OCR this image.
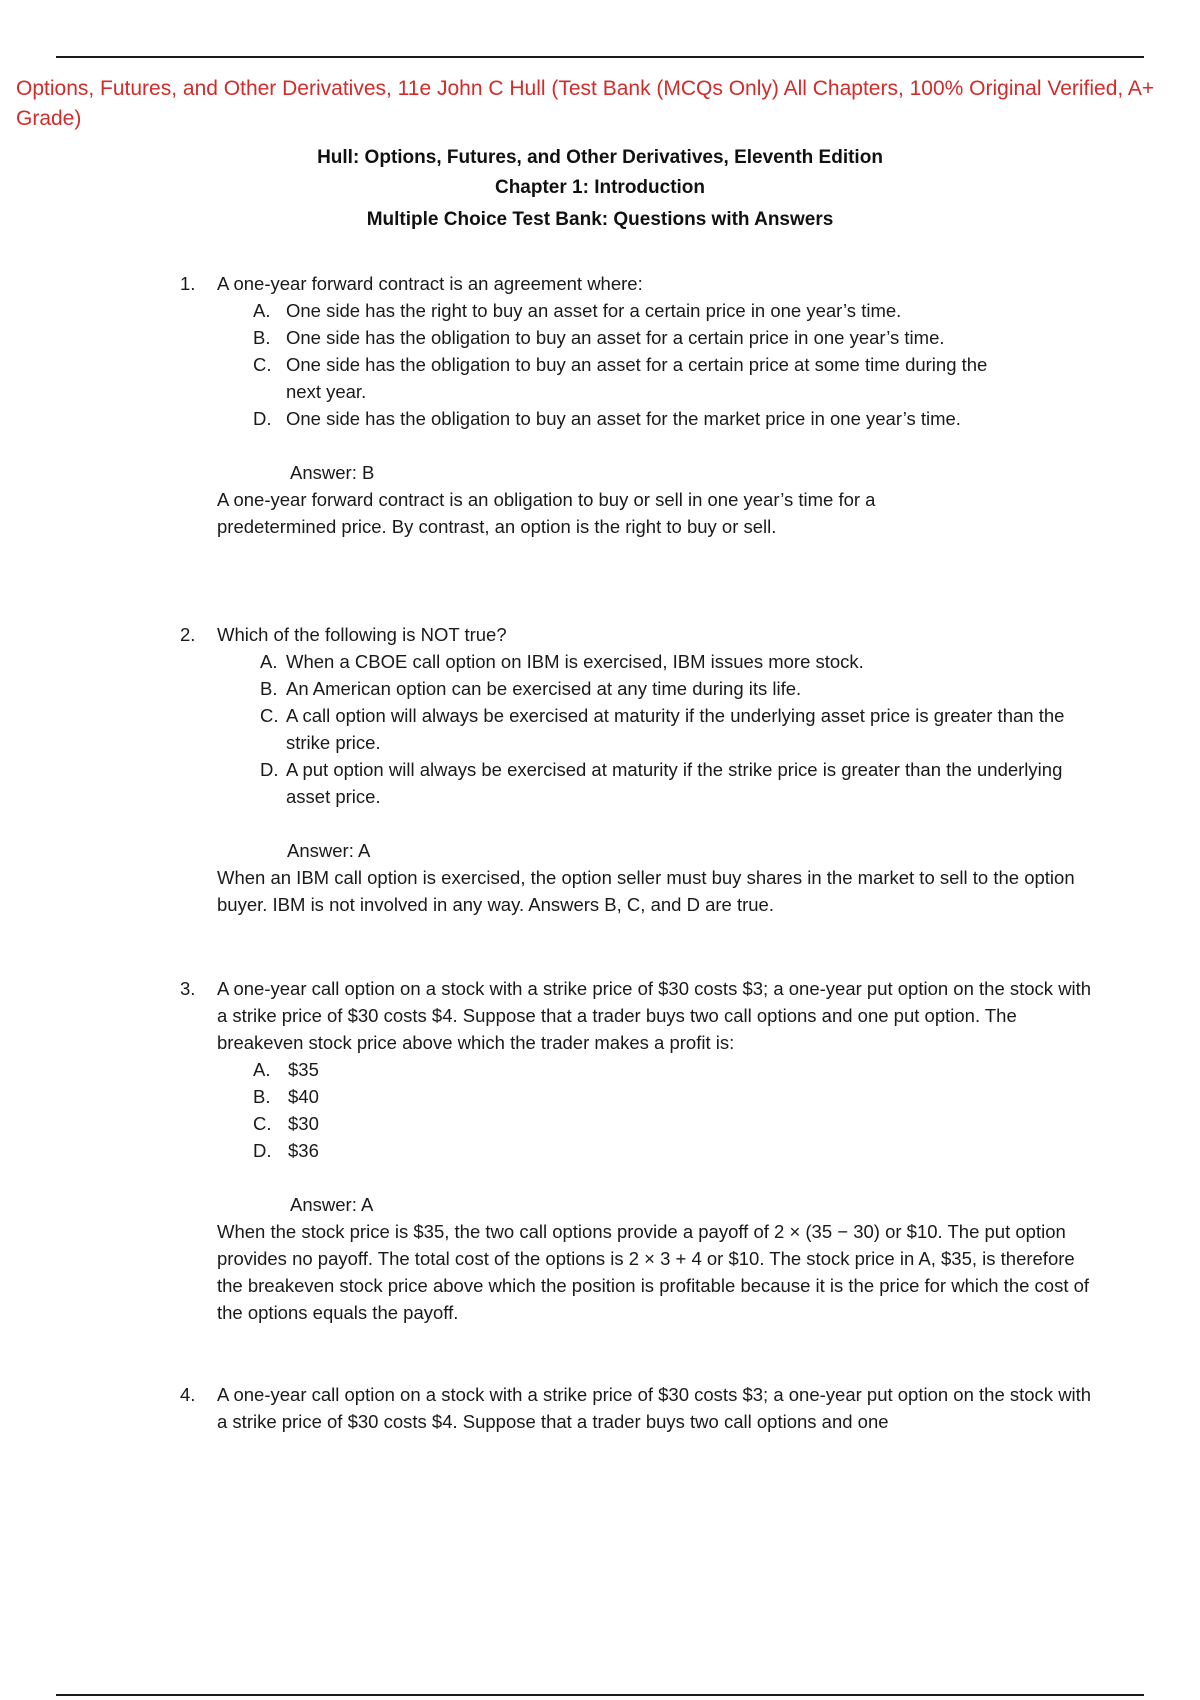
Options, Futures, and Other Derivatives, 11e John C Hull (Test Bank (MCQs Only) All Chapters, 100% Original Verified, A+ Grade)
Hull: Options, Futures, and Other Derivatives, Eleventh Edition
Chapter 1: Introduction
Multiple Choice Test Bank: Questions with Answers
1. A one-year forward contract is an agreement where:
A. One side has the right to buy an asset for a certain price in one year’s time.
B. One side has the obligation to buy an asset for a certain price in one year’s time.
C. One side has the obligation to buy an asset for a certain price at some time during the next year.
D. One side has the obligation to buy an asset for the market price in one year’s time.
Answer: B
A one-year forward contract is an obligation to buy or sell in one year’s time for a predetermined price. By contrast, an option is the right to buy or sell.
2. Which of the following is NOT true?
A. When a CBOE call option on IBM is exercised, IBM issues more stock.
B. An American option can be exercised at any time during its life.
C. A call option will always be exercised at maturity if the underlying asset price is greater than the strike price.
D. A put option will always be exercised at maturity if the strike price is greater than the underlying asset price.
Answer: A
When an IBM call option is exercised, the option seller must buy shares in the market to sell to the option buyer. IBM is not involved in any way. Answers B, C, and D are true.
3. A one-year call option on a stock with a strike price of $30 costs $3; a one-year put option on the stock with a strike price of $30 costs $4. Suppose that a trader buys two call options and one put option. The breakeven stock price above which the trader makes a profit is:
A. $35
B. $40
C. $30
D. $36
Answer: A
When the stock price is $35, the two call options provide a payoff of 2 × (35 − 30) or $10. The put option provides no payoff. The total cost of the options is 2 × 3 + 4 or $10. The stock price in A, $35, is therefore the breakeven stock price above which the position is profitable because it is the price for which the cost of the options equals the payoff.
4. A one-year call option on a stock with a strike price of $30 costs $3; a one-year put option on the stock with a strike price of $30 costs $4. Suppose that a trader buys two call options and one
